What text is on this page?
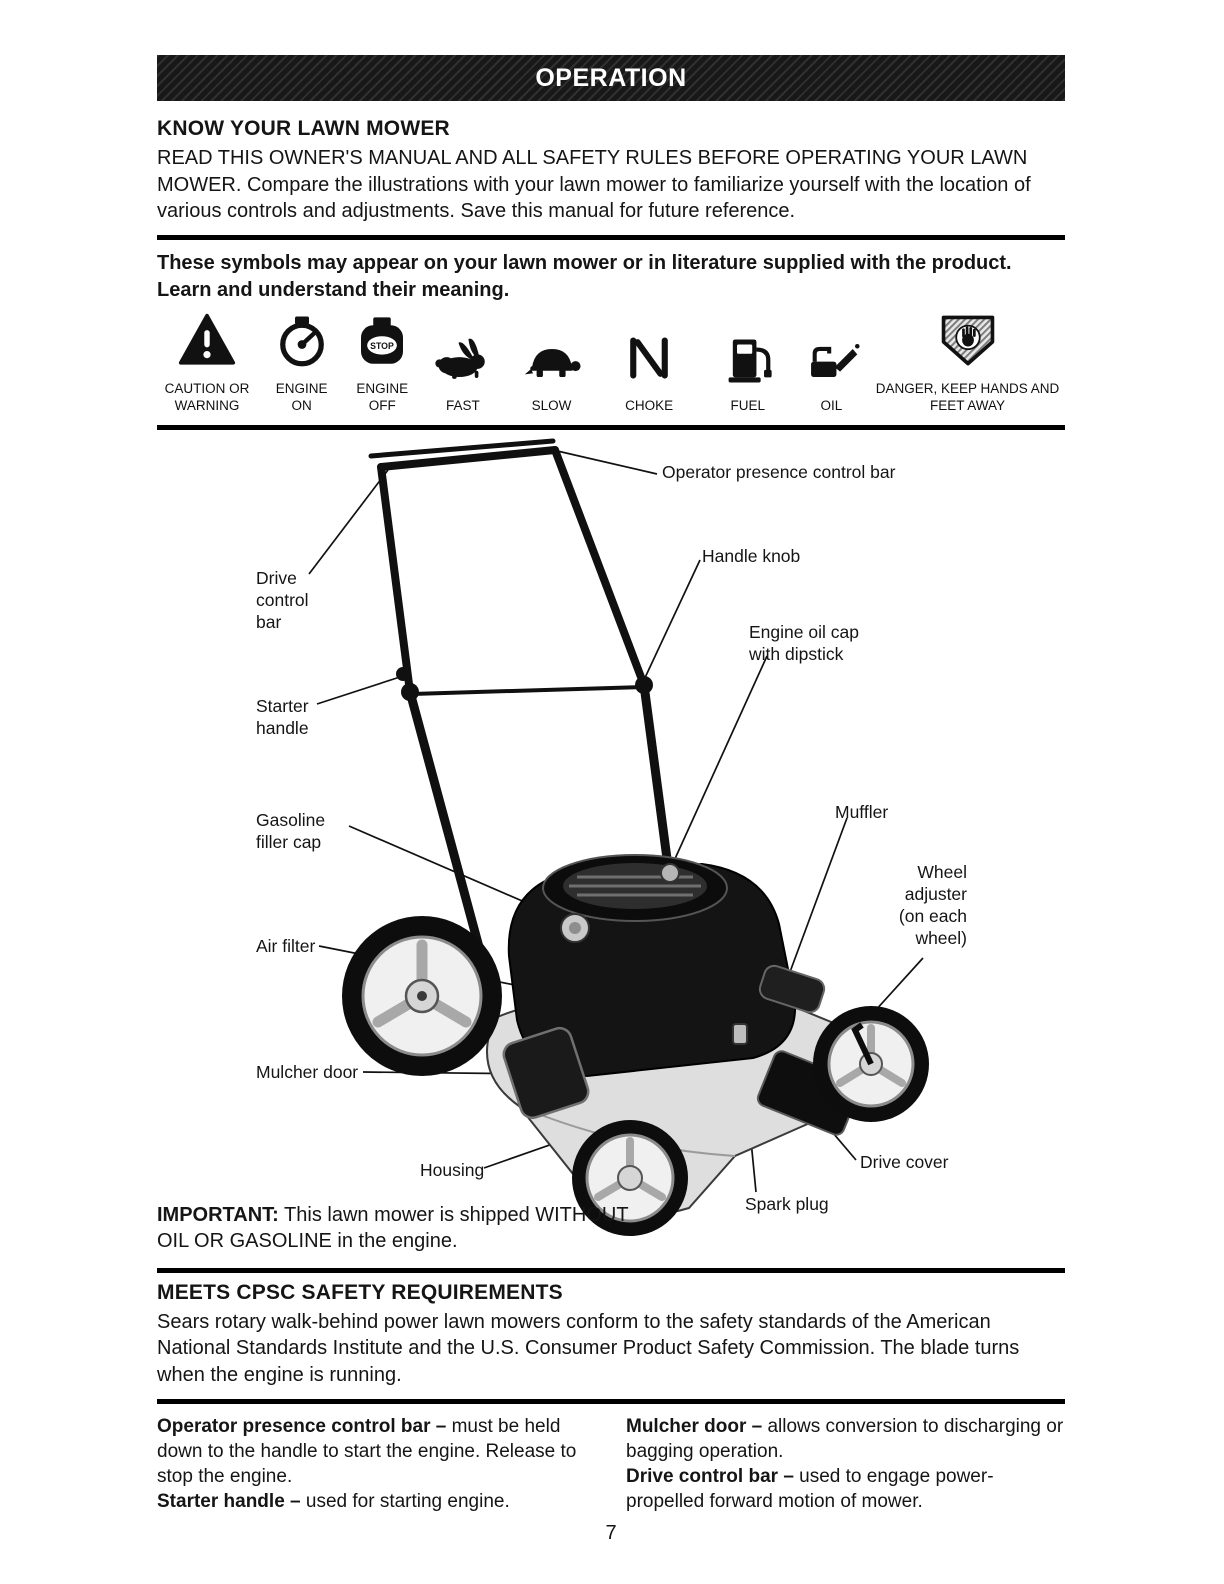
OPERATION
KNOW YOUR LAWN MOWER

READ THIS OWNER'S MANUAL AND ALL SAFETY RULES BEFORE OPERATING YOUR LAWN MOWER. Compare the illustrations with your lawn mower to familiarize yourself with the location of various controls and adjustments. Save this manual for future reference.

These symbols may appear on your lawn mower or in literature supplied with the product. Learn and understand their meaning.

CAUTION OR WARNING
ENGINE ON
STOP
ENGINE OFF	FAST	SLOW	CHOKE	FUEL	OIL
DANGER, KEEP HANDS AND FEET AWAY
Operator presence control bar
Handle knob
Drive control bar
Engine oil cap with dipstick
Starter handle
Gasoline filler cap
Muffler
Wheel adjuster (on each wheel)
Air filter
Mulcher door
Housing	Drive cover
Spark plug

IMPORTANT: This lawn mower is shipped WITHOUT OIL OR GASOLINE in the engine.

MEETS CPSC SAFETY REQUIREMENTS

Sears rotary walk-behind power lawn mowers conform to the safety standards of the American National Standards Institute and the U.S. Consumer Product Safety Commission. The blade turns when the engine is running.

Operator presence control bar – must be held down to the handle to start the engine. Release to stop the engine.

Starter handle – used for starting engine.

Mulcher door – allows conversion to discharging or bagging operation.

Drive control bar – used to engage power-propelled forward motion of mower.

7
